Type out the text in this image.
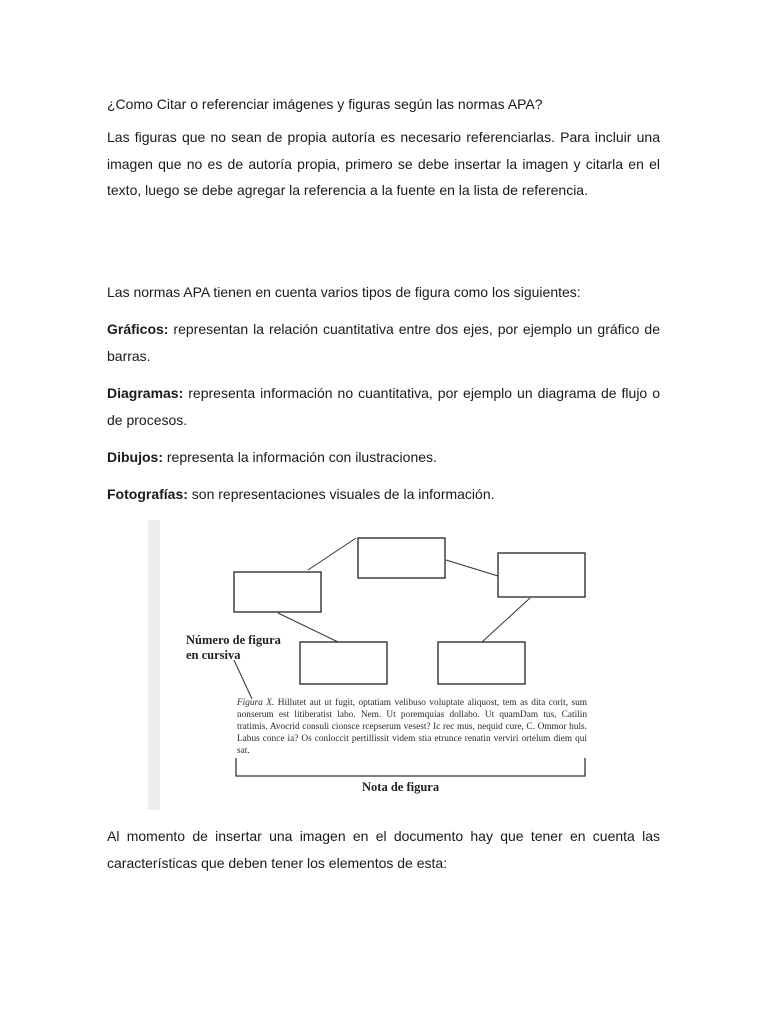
¿Como Citar o referenciar imágenes y figuras según las normas APA?

Las figuras que no sean de propia autoría es necesario referenciarlas. Para incluir una imagen que no es de autoría propia, primero se debe insertar la imagen y citarla en el texto, luego se debe agregar la referencia a la fuente en la lista de referencia.

Las normas APA tienen en cuenta varios tipos de figura como los siguientes:

Gráficos: representan la relación cuantitativa entre dos ejes, por ejemplo un gráfico de barras.

Diagramas: representa información no cuantitativa, por ejemplo un diagrama de flujo o de procesos.

Dibujos: representa la información con ilustraciones.

Fotografías: son representaciones visuales de la información.

Número de figura
en cursiva
Figura X. Hillutet aut ut fugit, optatiam velibuso voluptate aliquost, tem as dita corit, sum nonserum est litiberatist labo. Nem. Ut poremquias dollabo. Ut quamDam tus, Catilin tratimis. Avocrid consuli cionsce rcepserum vesest? Ic rec mus, nequid cure, C. Ommor huls. Labus conce ia? Os conloccit pertillissit videm stia etrunce renatin verviri ortelum diem qui sat.
Nota de figura

Al momento de insertar una imagen en el documento hay que tener en cuenta las características que deben tener los elementos de esta:
